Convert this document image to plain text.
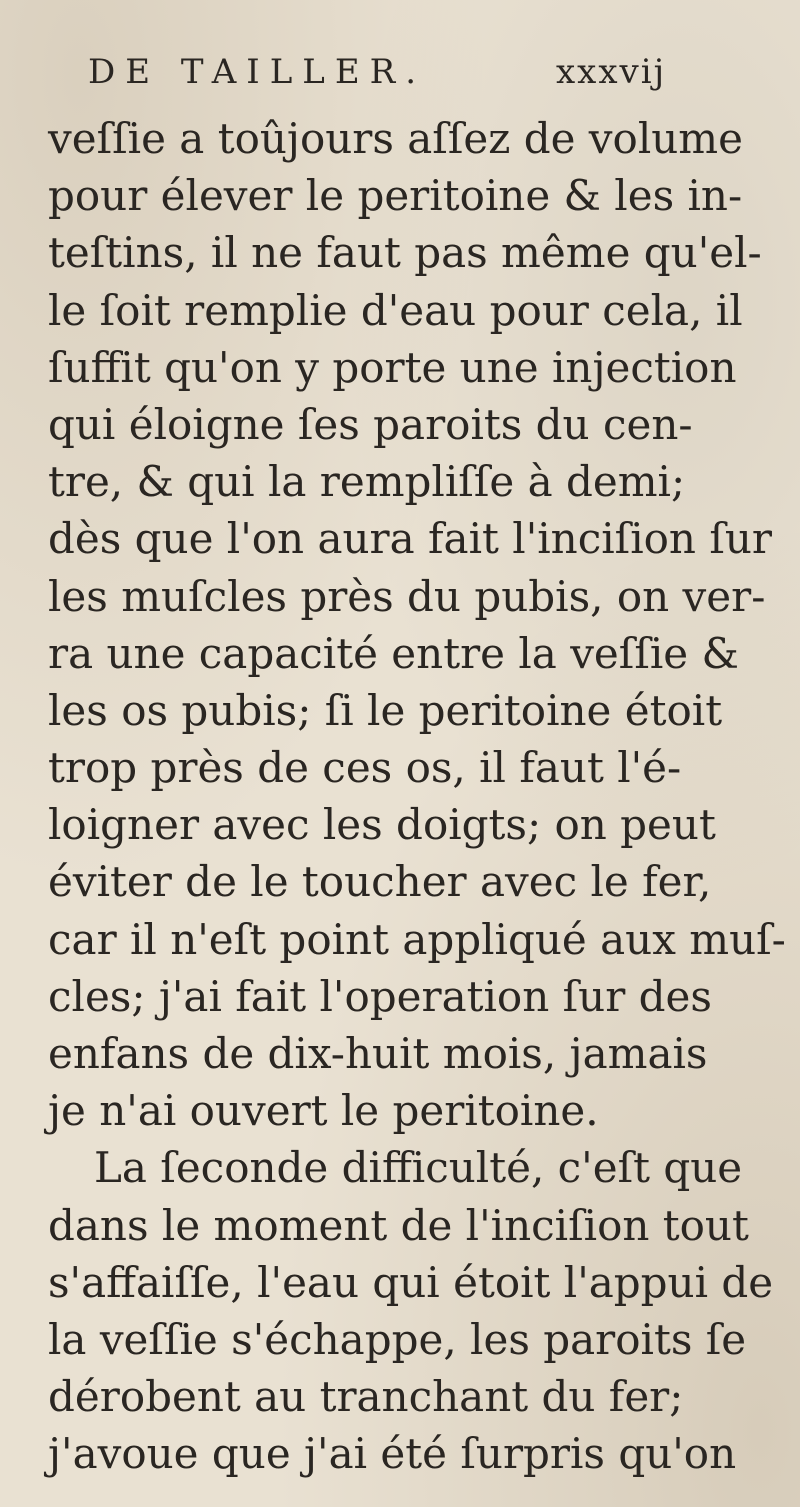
DE TAILLER.	xxxvij
veſſie a toûjours aſſez de volume
pour élever le peritoine & les in-
teſtins, il ne faut pas même qu'el-
le ſoit remplie d'eau pour cela, il
ſuffit qu'on y porte une injection
qui éloigne ſes paroits du cen-
tre, & qui la rempliſſe à demi;
dès que l'on aura fait l'inciſion ſur
les muſcles près du pubis, on ver-
ra une capacité entre la veſſie &
les os pubis; ſi le peritoine étoit
trop près de ces os, il faut l'é-
loigner avec les doigts; on peut
éviter de le toucher avec le fer,
car il n'eſt point appliqué aux muſ-
cles; j'ai fait l'operation ſur des
enfans de dix-huit mois, jamais
je n'ai ouvert le peritoine.
La ſeconde difficulté, c'eſt que
dans le moment de l'inciſion tout
s'affaiſſe, l'eau qui étoit l'appui de
la veſſie s'échappe, les paroits ſe
dérobent au tranchant du fer;
j'avoue que j'ai été ſurpris qu'on
